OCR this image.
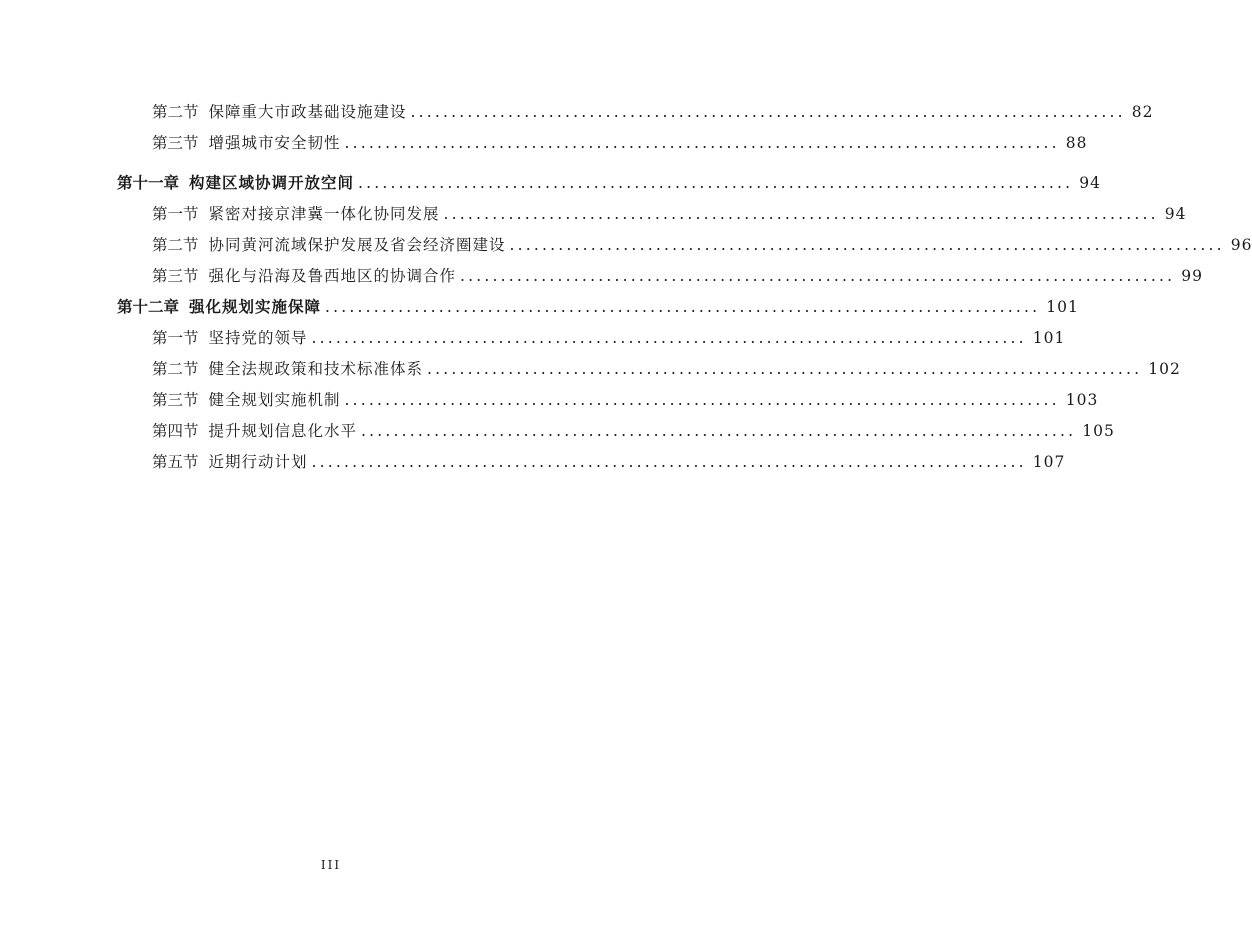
第二节 保障重大市政基础设施建设 ........................................................................................ 82
第三节 增强城市安全韧性 ........................................................................................ 88
第十一章 构建区域协调开放空间 ........................................................................................ 94
第一节 紧密对接京津冀一体化协同发展 ........................................................................................ 94
第二节 协同黄河流域保护发展及省会经济圈建设 ........................................................................................ 96
第三节 强化与沿海及鲁西地区的协调合作 ........................................................................................ 99
第十二章 强化规划实施保障 ........................................................................................ 101
第一节 坚持党的领导 ........................................................................................ 101
第二节 健全法规政策和技术标准体系 ........................................................................................ 102
第三节 健全规划实施机制 ........................................................................................ 103
第四节 提升规划信息化水平 ........................................................................................ 105
第五节 近期行动计划 ........................................................................................ 107
III
